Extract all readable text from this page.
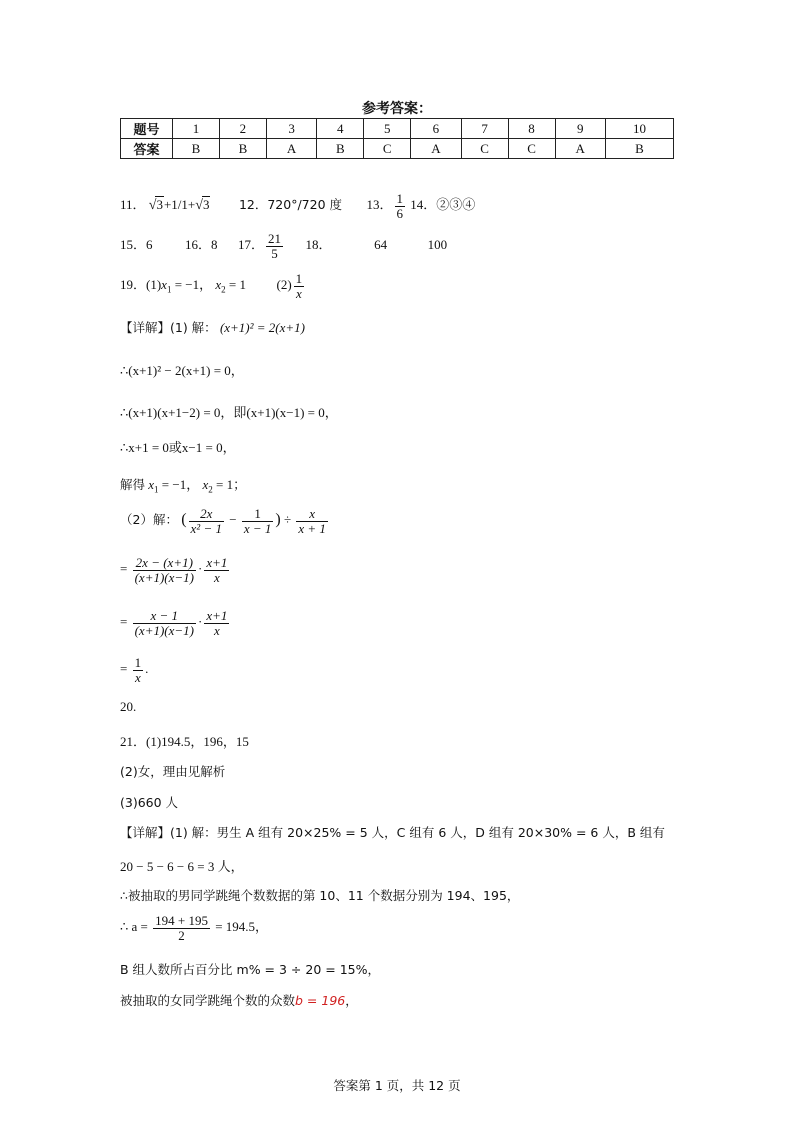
参考答案：
题号	1	2	3	4	5	6	7	8	9	10
答案	B	B	A	B	C	A	C	C	A	B
11． √3+1/1+√3 12．720°/720 度 13． $\frac{1}{6} 14$．②③④
15．6	16．8 17． $\frac{21}{5} 18$．	64	100
19．$(1)x_1 = -1$， $x_2 = 1$ $(2) \frac{1}{x}$
【详解】(1) 解： (x+1)² = 2(x+1)
∴(x+1)² − 2(x+1) = 0，
∴(x+1)(x+1−2) = 0，即(x+1)(x−1) = 0，
∴x+1 = 0或x−1 = 0，
解得 $x_1 = -1$， $x_2 = 1$；
（2）解： ( $\frac{2x}{\text{x² − 1}} - \frac{1}{x - 1}$ ) ÷ $\frac{x}{x + 1}$
= $\frac{2x - (x+1)}{(x+1)(x-1)} \cdot \frac{x+1}{x}$
= $\frac{x - 1}{(x+1)(x-1)} \cdot \frac{x+1}{x}$
= $\frac{1}{x}$ .
20.
21．(1)194.5，196，15
(2)女，理由见解析
(3)660 人
【详解】(1) 解：男生 A 组有 20×25% = 5 人，C 组有 6 人，D 组有 20×30% = 6 人，B 组有
20 − 5 − 6 − 6 = 3 人，
∴被抽取的男同学跳绳个数数据的第 10、11 个数据分别为 194、195，
∴ $a = \frac{194 + 195}{2} = 194.5$，
B 组人数所占百分比 m% = 3 ÷ 20 = 15%，
被抽取的女同学跳绳个数的众数b = 196，
答案第 1 页，共 12 页
